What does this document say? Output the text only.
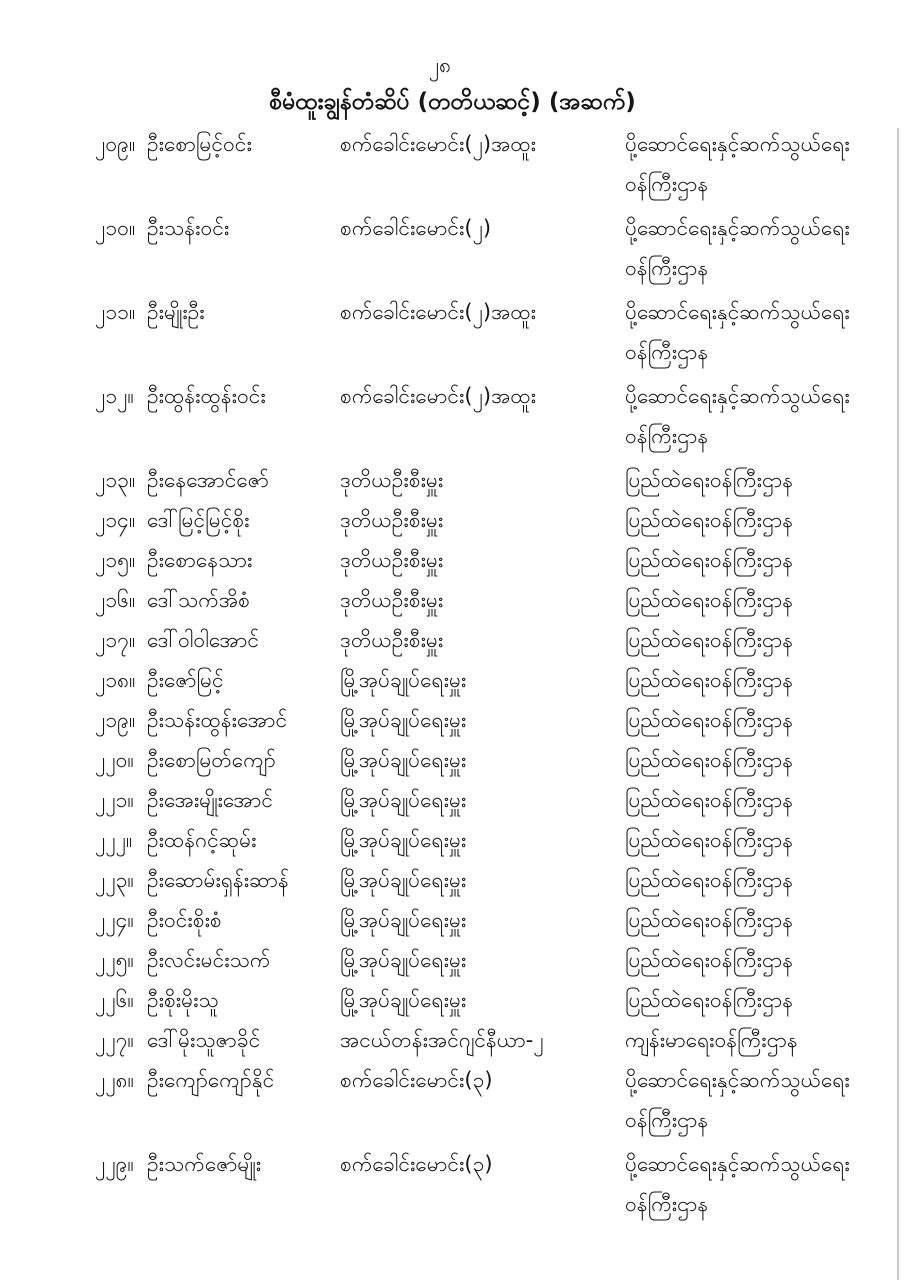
၂၈
စီမံထူးချွန်တံဆိပ် (တတိယဆင့်) (အဆက်)
၂၀၉။ ဦးစောမြင့်ဝင်း	စက်ခေါင်းမောင်း(၂)အထူး	ပို့ဆောင်ရေးနှင့်ဆက်သွယ်ရေး
ဝန်ကြီးဌာန
၂၁၀။ ဦးသန်းဝင်း	စက်ခေါင်းမောင်း(၂)	ပို့ဆောင်ရေးနှင့်ဆက်သွယ်ရေး
ဝန်ကြီးဌာန
၂၁၁။ ဦးမျိုးဦး	စက်ခေါင်းမောင်း(၂)အထူး	ပို့ဆောင်ရေးနှင့်ဆက်သွယ်ရေး
ဝန်ကြီးဌာန
၂၁၂။ ဦးထွန်းထွန်းဝင်း	စက်ခေါင်းမောင်း(၂)အထူး	ပို့ဆောင်ရေးနှင့်ဆက်သွယ်ရေး
ဝန်ကြီးဌာန
၂၁၃။ ဦးနေအောင်ဇော်	ဒုတိယဦးစီးမှူး	ပြည်ထဲရေးဝန်ကြီးဌာန
၂၁၄။ ဒေါ်မြင့်မြင့်စိုး	ဒုတိယဦးစီးမှူး	ပြည်ထဲရေးဝန်ကြီးဌာန
၂၁၅။ ဦးစောနေသား	ဒုတိယဦးစီးမှူး	ပြည်ထဲရေးဝန်ကြီးဌာန
၂၁၆။ ဒေါ်သက်အိစံ	ဒုတိယဦးစီးမှူး	ပြည်ထဲရေးဝန်ကြီးဌာန
၂၁၇။ ဒေါ်ဝါဝါအောင်	ဒုတိယဦးစီးမှူး	ပြည်ထဲရေးဝန်ကြီးဌာန
၂၁၈။ ဦးဇော်မြင့်	မြို့အုပ်ချုပ်ရေးမှူး	ပြည်ထဲရေးဝန်ကြီးဌာန
၂၁၉။ ဦးသန်းထွန်းအောင်	မြို့အုပ်ချုပ်ရေးမှူး	ပြည်ထဲရေးဝန်ကြီးဌာန
၂၂၀။ ဦးစောမြတ်ကျော်	မြို့အုပ်ချုပ်ရေးမှူး	ပြည်ထဲရေးဝန်ကြီးဌာန
၂၂၁။ ဦးအေးမျိုးအောင်	မြို့အုပ်ချုပ်ရေးမှူး	ပြည်ထဲရေးဝန်ကြီးဌာန
၂၂၂။ ဦးထန်ဂင့်ဆုမ်း	မြို့အုပ်ချုပ်ရေးမှူး	ပြည်ထဲရေးဝန်ကြီးဌာန
၂၂၃။ ဦးဆောမ်းရှန်းဆာန်	မြို့အုပ်ချုပ်ရေးမှူး	ပြည်ထဲရေးဝန်ကြီးဌာန
၂၂၄။ ဦးဝင်းစိုးစံ	မြို့အုပ်ချုပ်ရေးမှူး	ပြည်ထဲရေးဝန်ကြီးဌာန
၂၂၅။ ဦးလင်းမင်းသက်	မြို့အုပ်ချုပ်ရေးမှူး	ပြည်ထဲရေးဝန်ကြီးဌာန
၂၂၆။ ဦးစိုးမိုးသူ	မြို့အုပ်ချုပ်ရေးမှူး	ပြည်ထဲရေးဝန်ကြီးဌာန
၂၂၇။ ဒေါ်မိုးသူဇာခိုင်	အငယ်တန်းအင်ဂျင်နီယာ-၂	ကျန်းမာရေးဝန်ကြီးဌာန
၂၂၈။ ဦးကျော်ကျော်နိုင်	စက်ခေါင်းမောင်း(၃)	ပို့ဆောင်ရေးနှင့်ဆက်သွယ်ရေး
ဝန်ကြီးဌာန
၂၂၉။ ဦးသက်ဇော်မျိုး	စက်ခေါင်းမောင်း(၃)	ပို့ဆောင်ရေးနှင့်ဆက်သွယ်ရေး
ဝန်ကြီးဌာန
